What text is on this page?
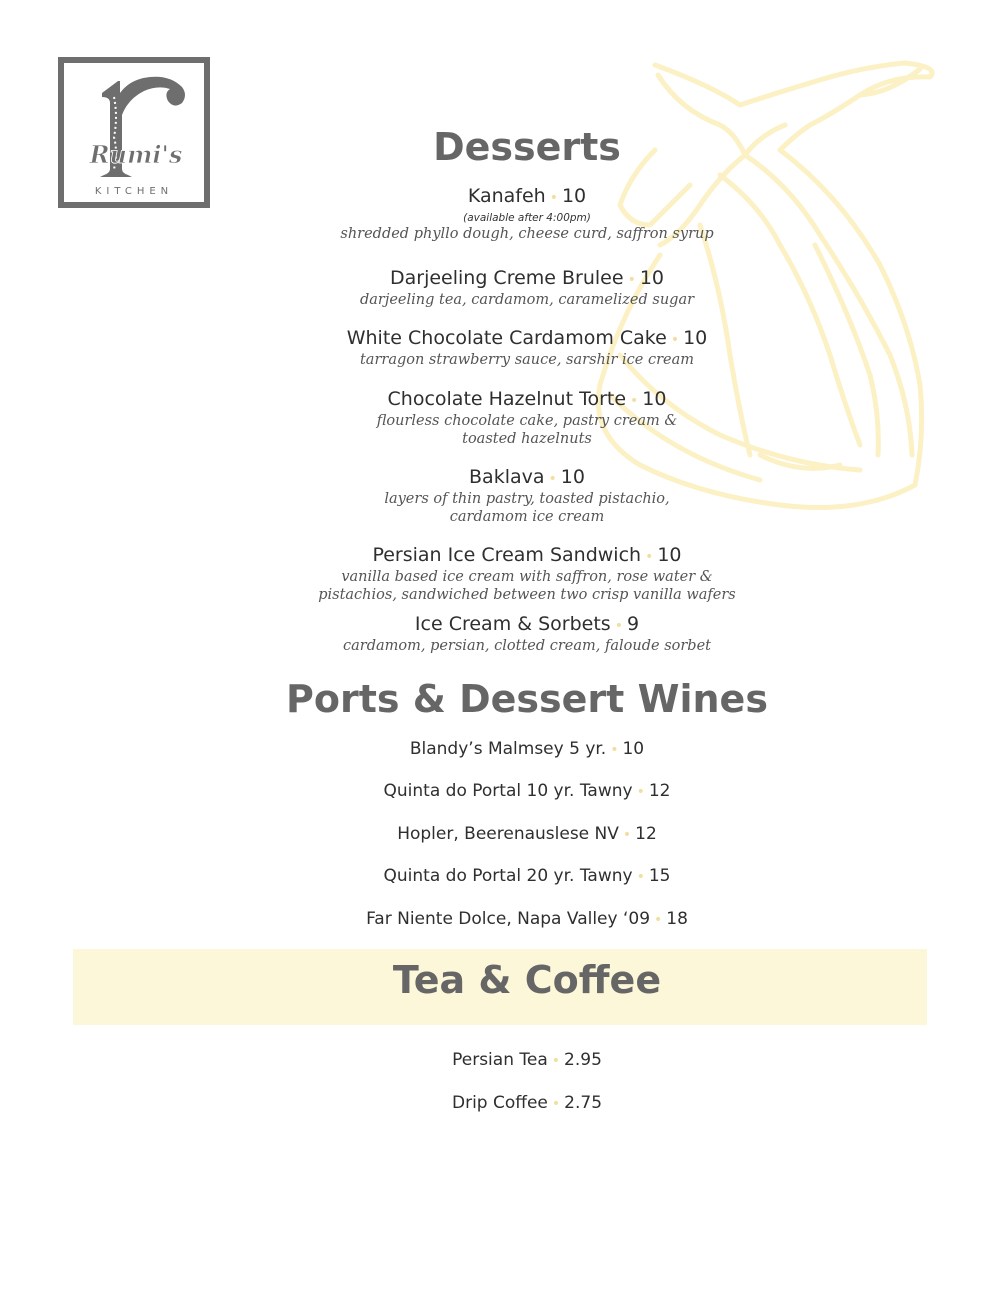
Rumi's
KITCHEN
Desserts
Kanafeh • 10
(available after 4:00pm)
shredded phyllo dough, cheese curd, saffron syrup
Darjeeling Creme Brulee • 10
darjeeling tea, cardamom, caramelized sugar
White Chocolate Cardamom Cake • 10
tarragon strawberry sauce, sarshir ice cream
Chocolate Hazelnut Torte • 10
flourless chocolate cake, pastry cream &
toasted hazelnuts
Baklava • 10
layers of thin pastry, toasted pistachio,
cardamom ice cream
Persian Ice Cream Sandwich • 10
vanilla based ice cream with saffron, rose water &
pistachios, sandwiched between two crisp vanilla wafers
Ice Cream & Sorbets • 9
cardamom, persian, clotted cream, faloude sorbet
Ports & Dessert Wines
Blandy’s Malmsey 5 yr. • 10
Quinta do Portal 10 yr. Tawny • 12
Hopler, Beerenauslese NV • 12
Quinta do Portal 20 yr. Tawny • 15
Far Niente Dolce, Napa Valley ‘09 • 18
Tea & Coffee
Persian Tea • 2.95
Drip Coffee • 2.75
